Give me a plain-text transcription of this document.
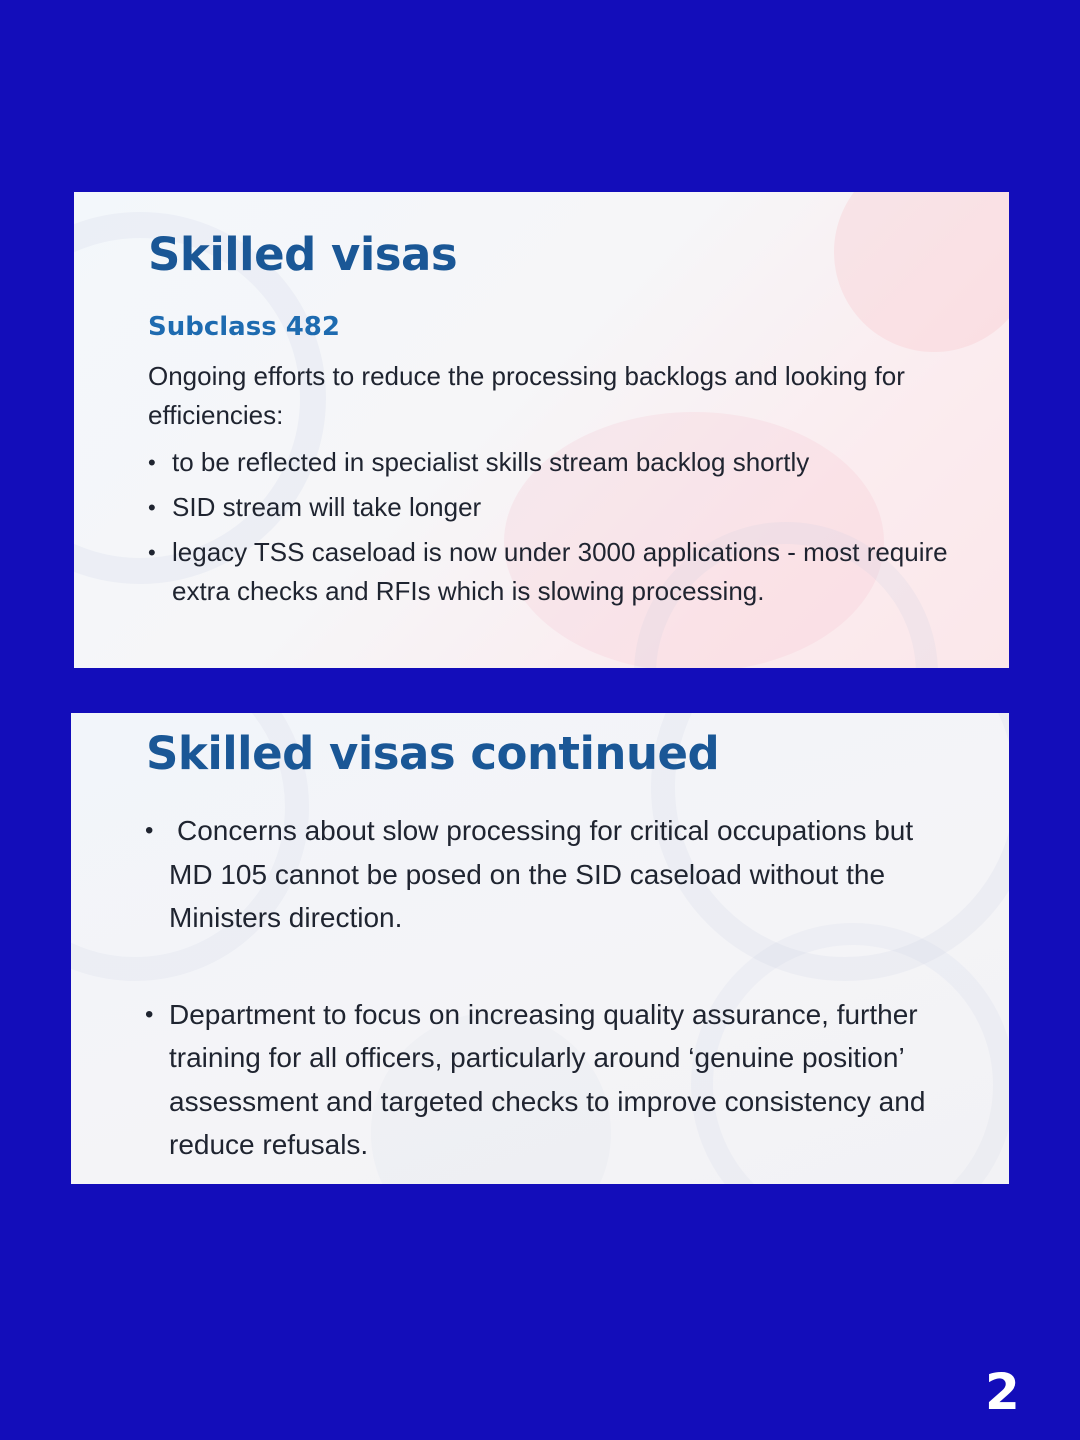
Skilled visas
Subclass 482

Ongoing efforts to reduce the processing backlogs and looking for efficiencies:

• to be reflected in specialist skills stream backlog shortly
• SID stream will take longer
• legacy TSS caseload is now under 3000 applications - most require extra checks and RFIs which is slowing processing.
Skilled visas continued
• Concerns about slow processing for critical occupations but MD 105 cannot be posed on the SID caseload without the Ministers direction.
• Department to focus on increasing quality assurance, further training for all officers, particularly around ‘genuine position’ assessment and targeted checks to improve consistency and reduce refusals.
2
